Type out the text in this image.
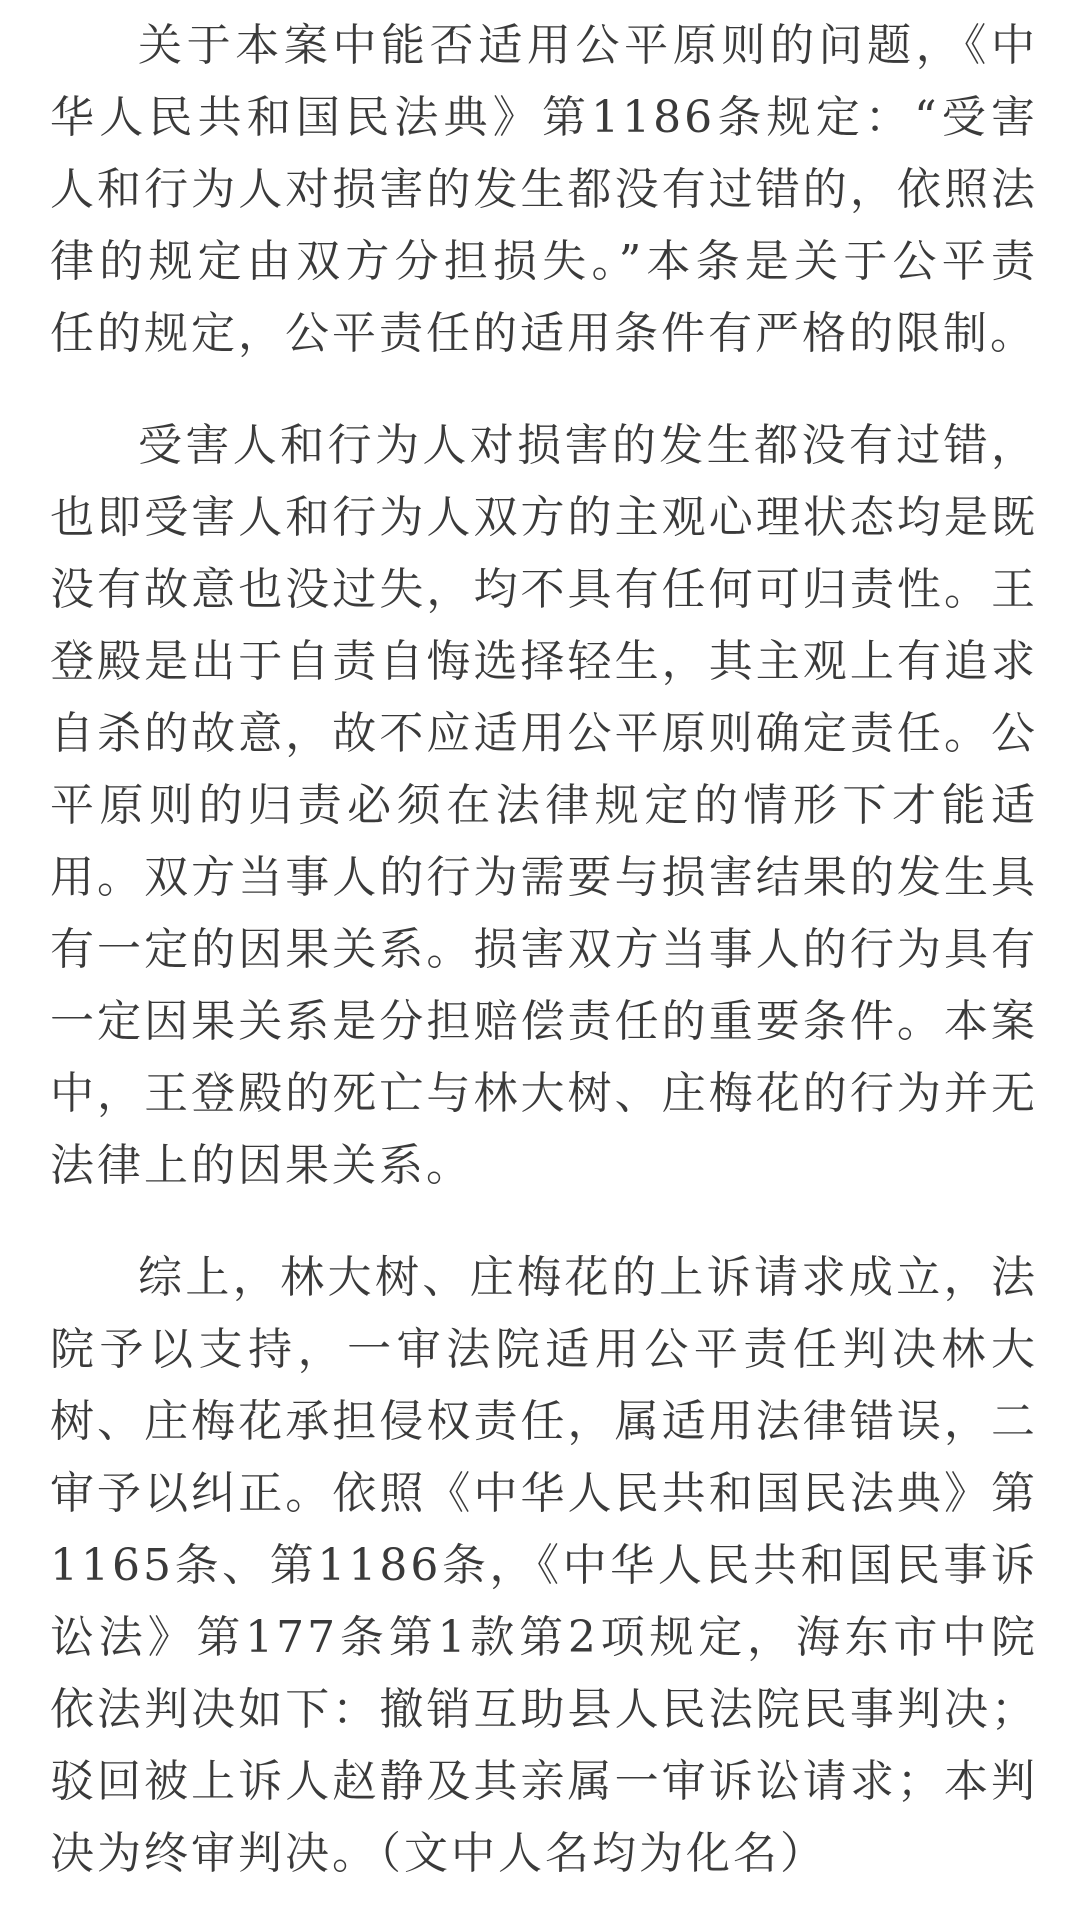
关于本案中能否适用公平原则的问题，《中华人民共和国民法典》第1186条规定：“受害人和行为人对损害的发生都没有过错的，依照法律的规定由双方分担损失。”本条是关于公平责任的规定，公平责任的适用条件有严格的限制。

受害人和行为人对损害的发生都没有过错，也即受害人和行为人双方的主观心理状态均是既没有故意也没过失，均不具有任何可归责性。王登殿是出于自责自悔选择轻生，其主观上有追求自杀的故意，故不应适用公平原则确定责任。公平原则的归责必须在法律规定的情形下才能适用。双方当事人的行为需要与损害结果的发生具有一定的因果关系。损害双方当事人的行为具有一定因果关系是分担赔偿责任的重要条件。本案中，王登殿的死亡与林大树、庄梅花的行为并无法律上的因果关系。

综上，林大树、庄梅花的上诉请求成立，法院予以支持，一审法院适用公平责任判决林大树、庄梅花承担侵权责任，属适用法律错误，二审予以纠正。依照《中华人民共和国民法典》第1165条、第1186条，《中华人民共和国民事诉讼法》第177条第1款第2项规定，海东市中院依法判决如下：撤销互助县人民法院民事判决；驳回被上诉人赵静及其亲属一审诉讼请求；本判决为终审判决。（文中人名均为化名）
